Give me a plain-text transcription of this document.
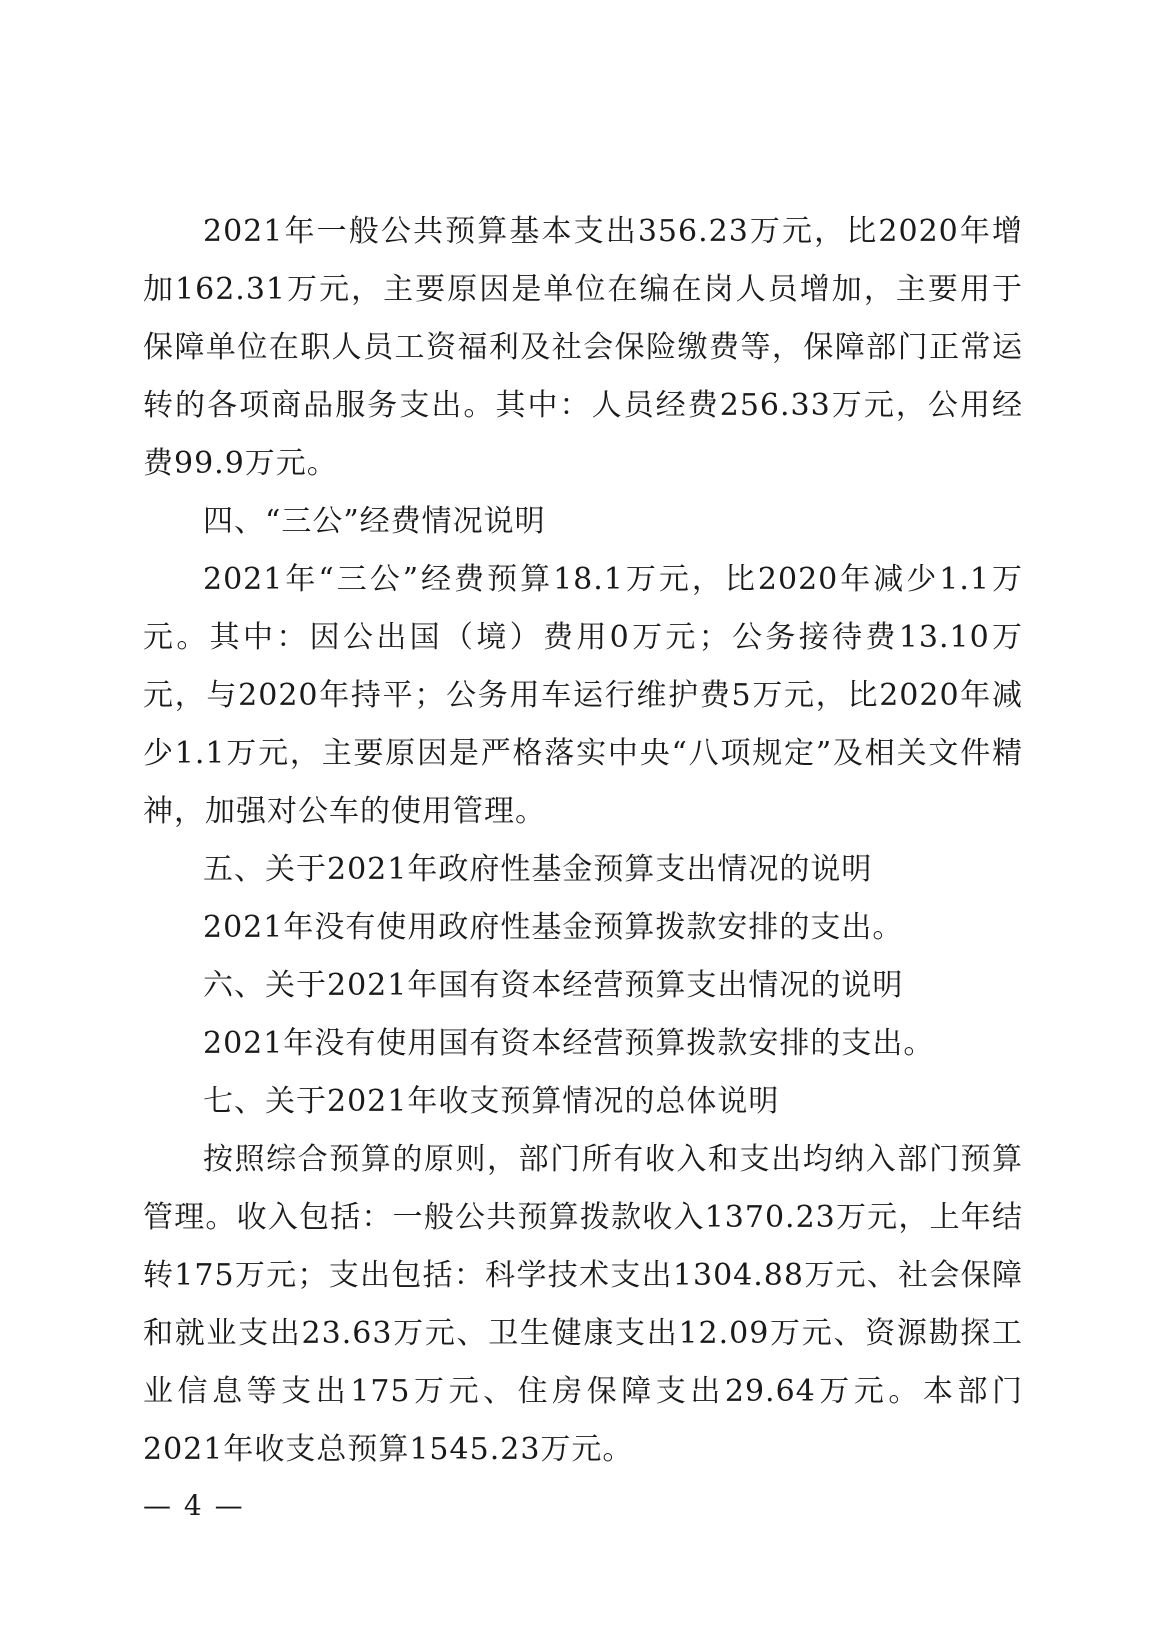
2021年一般公共预算基本支出356.23万元，比2020年增加162.31万元，主要原因是单位在编在岗人员增加，主要用于保障单位在职人员工资福利及社会保险缴费等，保障部门正常运转的各项商品服务支出。其中：人员经费256.33万元，公用经费99.9万元。

四、“三公”经费情况说明

2021年“三公”经费预算18.1万元，比2020年减少1.1万元。其中：因公出国（境）费用0万元；公务接待费13.10万元，与2020年持平；公务用车运行维护费5万元，比2020年减少1.1万元，主要原因是严格落实中央“八项规定”及相关文件精神，加强对公车的使用管理。

五、关于2021年政府性基金预算支出情况的说明

2021年没有使用政府性基金预算拨款安排的支出。

六、关于2021年国有资本经营预算支出情况的说明

2021年没有使用国有资本经营预算拨款安排的支出。

七、关于2021年收支预算情况的总体说明

按照综合预算的原则，部门所有收入和支出均纳入部门预算管理。收入包括：一般公共预算拨款收入1370.23万元，上年结转175万元；支出包括：科学技术支出1304.88万元、社会保障和就业支出23.63万元、卫生健康支出12.09万元、资源勘探工业信息等支出175万元、住房保障支出29.64万元。本部门2021年收支总预算1545.23万元。

— 4 —
